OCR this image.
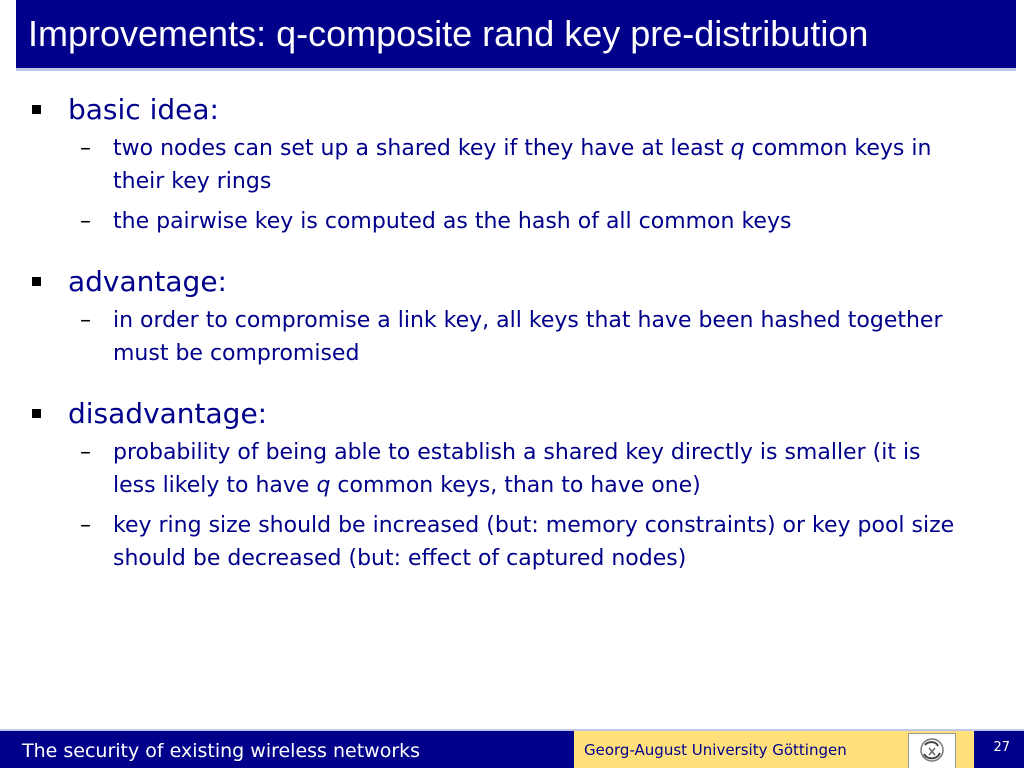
Improvements: q-composite rand key pre-distribution
basic idea:
– two nodes can set up a shared key if they have at least q common keys in their key rings
– the pairwise key is computed as the hash of all common keys
advantage:
– in order to compromise a link key, all keys that have been hashed together must be compromised
disadvantage:
– probability of being able to establish a shared key directly is smaller (it is less likely to have q common keys, than to have one)
– key ring size should be increased (but: memory constraints) or key pool size should be decreased (but: effect of captured nodes)
The security of existing wireless networks	Georg-August University Göttingen	27
